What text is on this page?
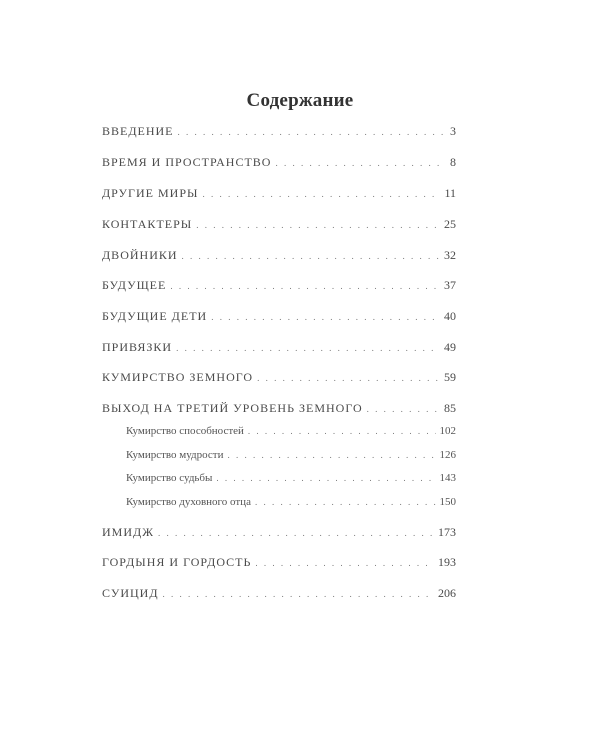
Содержание
ВВЕДЕНИЕ . . .	3
ВРЕМЯ И ПРОСТРАНСТВО . . .	8
ДРУГИЕ МИРЫ . . .	11
КОНТАКТЕРЫ . . .	25
ДВОЙНИКИ . . .	32
БУДУЩЕЕ . . .	37
БУДУЩИЕ ДЕТИ . . .	40
ПРИВЯЗКИ . . .	49
КУМИРСТВО ЗЕМНОГО . . .	59
ВЫХОД НА ТРЕТИЙ УРОВЕНЬ ЗЕМНОГО . . .	85
Кумирство способностей . . .	102
Кумирство мудрости . . .	126
Кумирство судьбы . . .	143
Кумирство духовного отца . . .	150
ИМИДЖ . . .	173
ГОРДЫНЯ И ГОРДОСТЬ . . .	193
СУИЦИД . . .	206
